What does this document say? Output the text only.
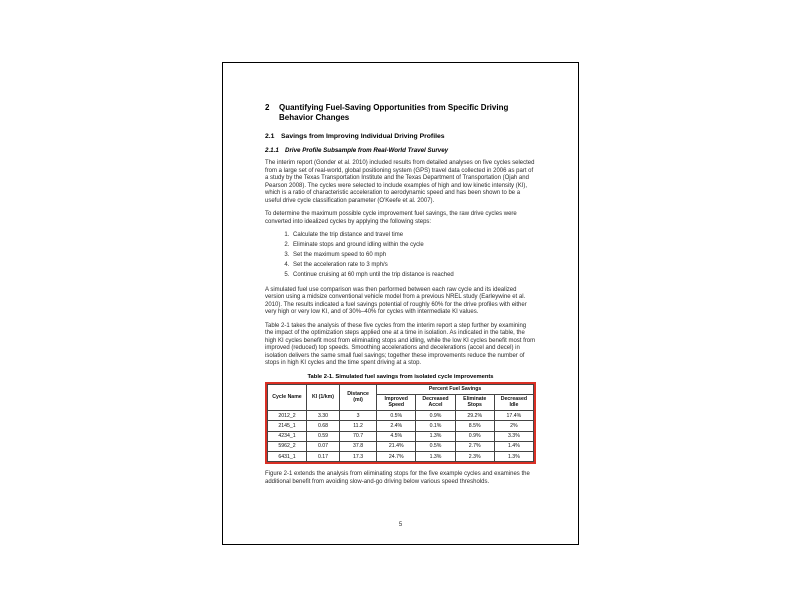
2	Quantifying Fuel-Saving Opportunities from Specific Driving Behavior Changes
2.1 Savings from Improving Individual Driving Profiles
2.1.1	Drive Profile Subsample from Real-World Travel Survey

The interim report (Gonder et al. 2010) included results from detailed analyses on five cycles selected from a large set of real-world, global positioning system (GPS) travel data collected in 2006 as part of a study by the Texas Transportation Institute and the Texas Department of Transportation (Ojah and Pearson 2008). The cycles were selected to include examples of high and low kinetic intensity (KI), which is a ratio of characteristic acceleration to aerodynamic speed and has been shown to be a useful drive cycle classification parameter (O'Keefe et al. 2007).

To determine the maximum possible cycle improvement fuel savings, the raw drive cycles were converted into idealized cycles by applying the following steps:

1. Calculate the trip distance and travel time
2. Eliminate stops and ground idling within the cycle
3. Set the maximum speed to 60 mph
4. Set the acceleration rate to 3 mph/s
5. Continue cruising at 60 mph until the trip distance is reached

A simulated fuel use comparison was then performed between each raw cycle and its idealized version using a midsize conventional vehicle model from a previous NREL study (Earleywine et al. 2010). The results indicated a fuel savings potential of roughly 60% for the drive profiles with either very high or very low KI, and of 30%–40% for cycles with intermediate KI values.

Table 2-1 takes the analysis of these five cycles from the interim report a step further by examining the impact of the optimization steps applied one at a time in isolation. As indicated in the table, the high KI cycles benefit most from eliminating stops and idling, while the low KI cycles benefit most from improved (reduced) top speeds. Smoothing accelerations and decelerations (accel and decel) in isolation delivers the same small fuel savings; together these improvements reduce the number of stops in high KI cycles and the time spent driving at a stop.

Table 2-1. Simulated fuel savings from isolated cycle improvements
Cycle Name	KI (1/km)	Distance (mi)	Percent Fuel Savings			
			Improved Speed	Decreased Accel	Eliminate Stops	Decreased Idle
2012_2	3.30	3	0.5%	0.9%	29.2%	17.4%
2145_1	0.68	11.2	2.4%	0.1%	8.5%	2%
4234_1	0.59	70.7	4.5%	1.3%	0.9%	3.3%
5962_2	0.07	37.8	21.4%	0.5%	2.7%	1.4%
6431_1	0.17	17.3	24.7%	1.3%	2.3%	1.3%

Figure 2-1 extends the analysis from eliminating stops for the five example cycles and examines the additional benefit from avoiding slow-and-go driving below various speed thresholds.

5
